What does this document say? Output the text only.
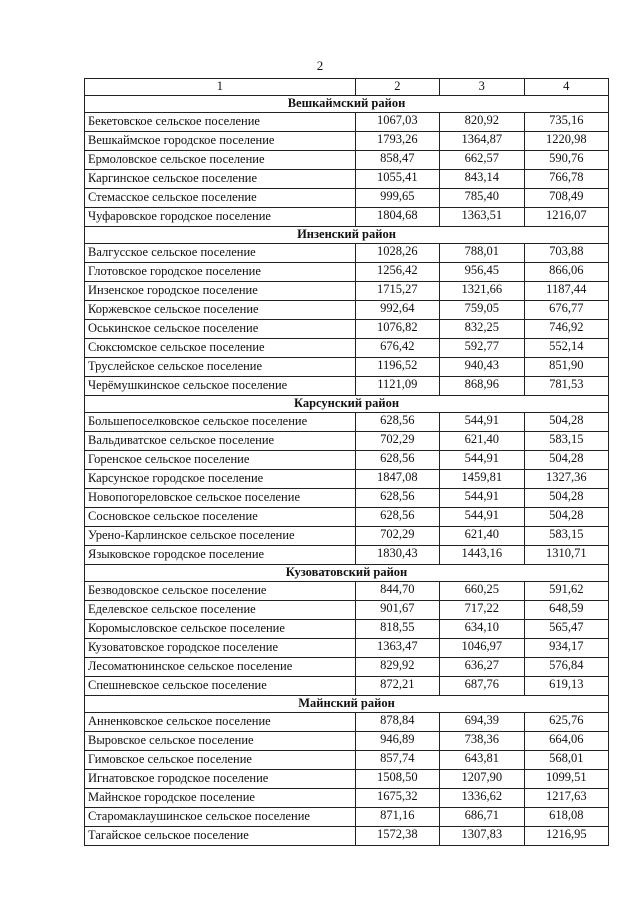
2
1	2	3	4
Вешкаймский район			
Бекетовское сельское поселение	1067,03	820,92	735,16
Вешкаймское городское поселение	1793,26	1364,87	1220,98
Ермоловское сельское поселение	858,47	662,57	590,76
Каргинское сельское поселение	1055,41	843,14	766,78
Стемасское сельское поселение	999,65	785,40	708,49
Чуфаровское городское поселение	1804,68	1363,51	1216,07
Инзенский район			
Валгусское сельское поселение	1028,26	788,01	703,88
Глотовское городское поселение	1256,42	956,45	866,06
Инзенское городское поселение	1715,27	1321,66	1187,44
Коржевское сельское поселение	992,64	759,05	676,77
Оськинское сельское поселение	1076,82	832,25	746,92
Сюксюмское сельское поселение	676,42	592,77	552,14
Труслейское сельское поселение	1196,52	940,43	851,90
Черёмушкинское сельское поселение	1121,09	868,96	781,53
Карсунский район			
Большепоселковское сельское поселение	628,56	544,91	504,28
Вальдиватское сельское поселение	702,29	621,40	583,15
Горенское сельское поселение	628,56	544,91	504,28
Карсунское городское поселение	1847,08	1459,81	1327,36
Новопогореловское сельское поселение	628,56	544,91	504,28
Сосновское сельское поселение	628,56	544,91	504,28
Урено-Карлинское сельское поселение	702,29	621,40	583,15
Языковское городское поселение	1830,43	1443,16	1310,71
Кузоватовский район			
Безводовское сельское поселение	844,70	660,25	591,62
Еделевское сельское поселение	901,67	717,22	648,59
Коромысловское сельское поселение	818,55	634,10	565,47
Кузоватовское городское поселение	1363,47	1046,97	934,17
Лесоматюнинское сельское поселение	829,92	636,27	576,84
Спешневское сельское поселение	872,21	687,76	619,13
Майнский район			
Анненковское сельское поселение	878,84	694,39	625,76
Выровское сельское поселение	946,89	738,36	664,06
Гимовское сельское поселение	857,74	643,81	568,01
Игнатовское городское поселение	1508,50	1207,90	1099,51
Майнское городское поселение	1675,32	1336,62	1217,63
Старомаклаушинское сельское поселение	871,16	686,71	618,08
Тагайское сельское поселение	1572,38	1307,83	1216,95
